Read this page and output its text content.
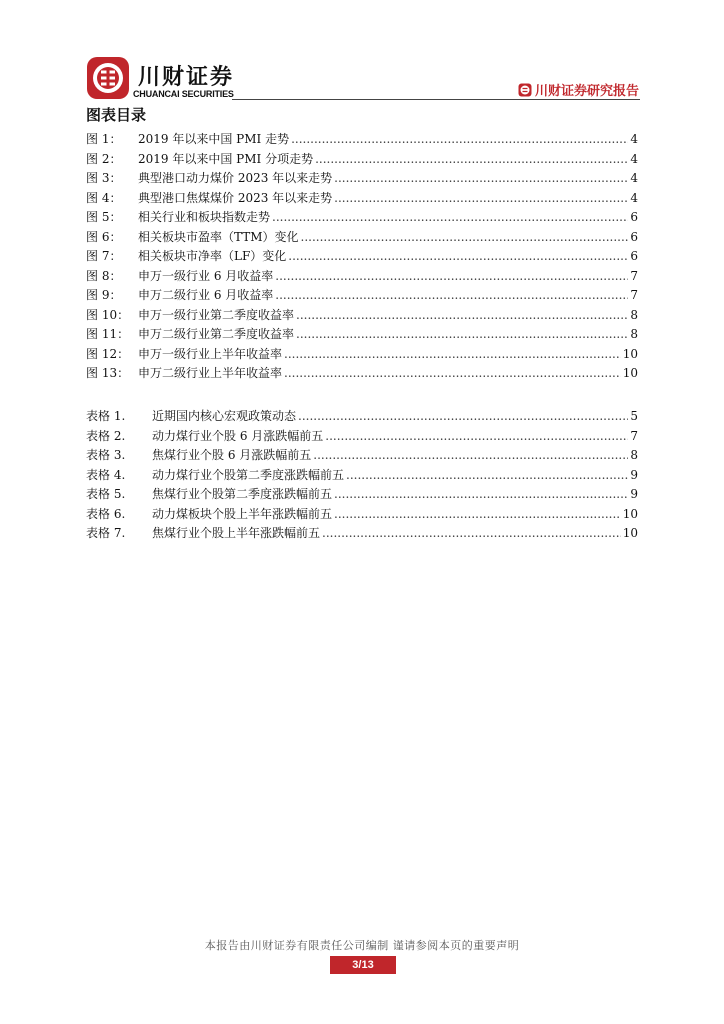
川财证券
CHUANCAI SECURITIES	川财证券研究报告
图表目录
图 1：	2019 年以来中国 PMI 走势 .....	4
图 2：	2019 年以来中国 PMI 分项走势 .....	4
图 3：	典型港口动力煤价 2023 年以来走势 .....	4
图 4：	典型港口焦煤煤价 2023 年以来走势 .....	4
图 5：	相关行业和板块指数走势 .....	6
图 6：	相关板块市盈率（TTM）变化 .....	6
图 7：	相关板块市净率（LF）变化 .....	6
图 8：	申万一级行业 6 月收益率 .....	7
图 9：	申万二级行业 6 月收益率 .....	7
图 10： 申万一级行业第二季度收益率 .....	8
图 11： 申万二级行业第二季度收益率 .....	8
图 12： 申万一级行业上半年收益率 .....	10
图 13： 申万二级行业上半年收益率 .....	10
表格 1.	近期国内核心宏观政策动态 .....	5
表格 2.	动力煤行业个股 6 月涨跌幅前五 .....	7
表格 3.	焦煤行业个股 6 月涨跌幅前五 .....	8
表格 4.	动力煤行业个股第二季度涨跌幅前五 .....	9
表格 5.	焦煤行业个股第二季度涨跌幅前五 .....	9
表格 6.	动力煤板块个股上半年涨跌幅前五 .....	10
表格 7.	焦煤行业个股上半年涨跌幅前五 .....	10
本报告由川财证券有限责任公司编制 谨请参阅本页的重要声明
3/13
